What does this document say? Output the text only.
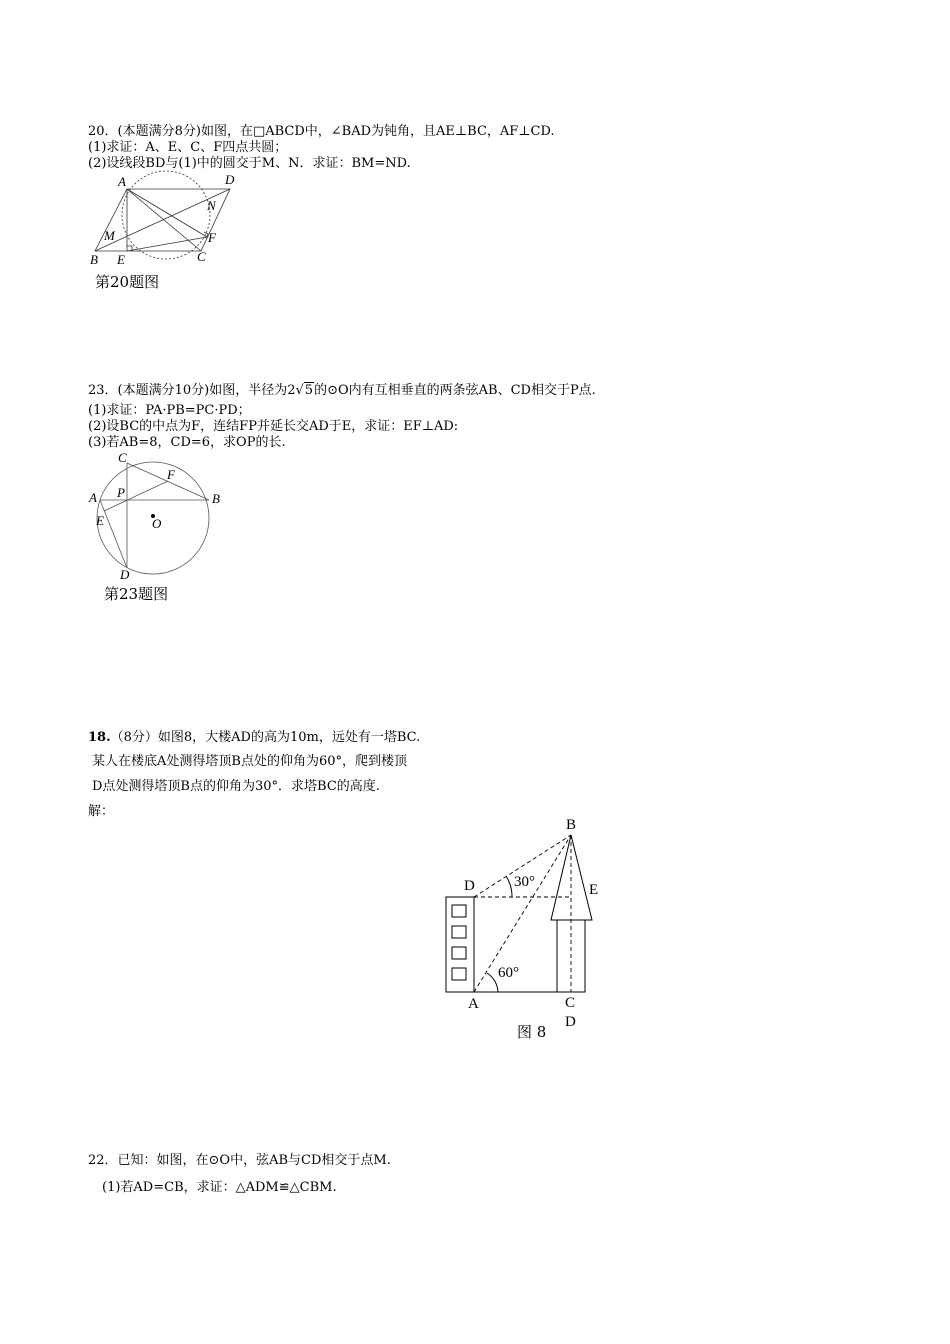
20．(本题满分8分)如图，在□ABCD中，∠BAD为钝角，且AE⊥BC，AF⊥CD.
(1)求证：A、E、C、F四点共圆；
(2)设线段BD与(1)中的圆交于M、N．求证：BM=ND.
A	D
N
M	F
B E	C
第20题图
23．(本题满分10分)如图，半径为2√5的⊙O内有互相垂直的两条弦AB、CD相交于P点.
(1)求证：PA·PB=PC·PD；
(2)设BC的中点为F，连结FP并延长交AD于E，求证：EF⊥AD:
(3)若AB=8，CD=6，求OP的长.
C
F
A P	B
E	O
D
第23题图
18.（8分）如图8，大楼AD的高为10m，远处有一塔BC.
某人在楼底A处测得塔顶B点处的仰角为60°，爬到楼顶
D点处测得塔顶B点的仰角为30°．求塔BC的高度.
解：
B
D	30°	E
60°
A	C
D
图 8
22．已知：如图，在⊙O中，弦AB与CD相交于点M.
(1)若AD=CB，求证：△ADM≌△CBM.
